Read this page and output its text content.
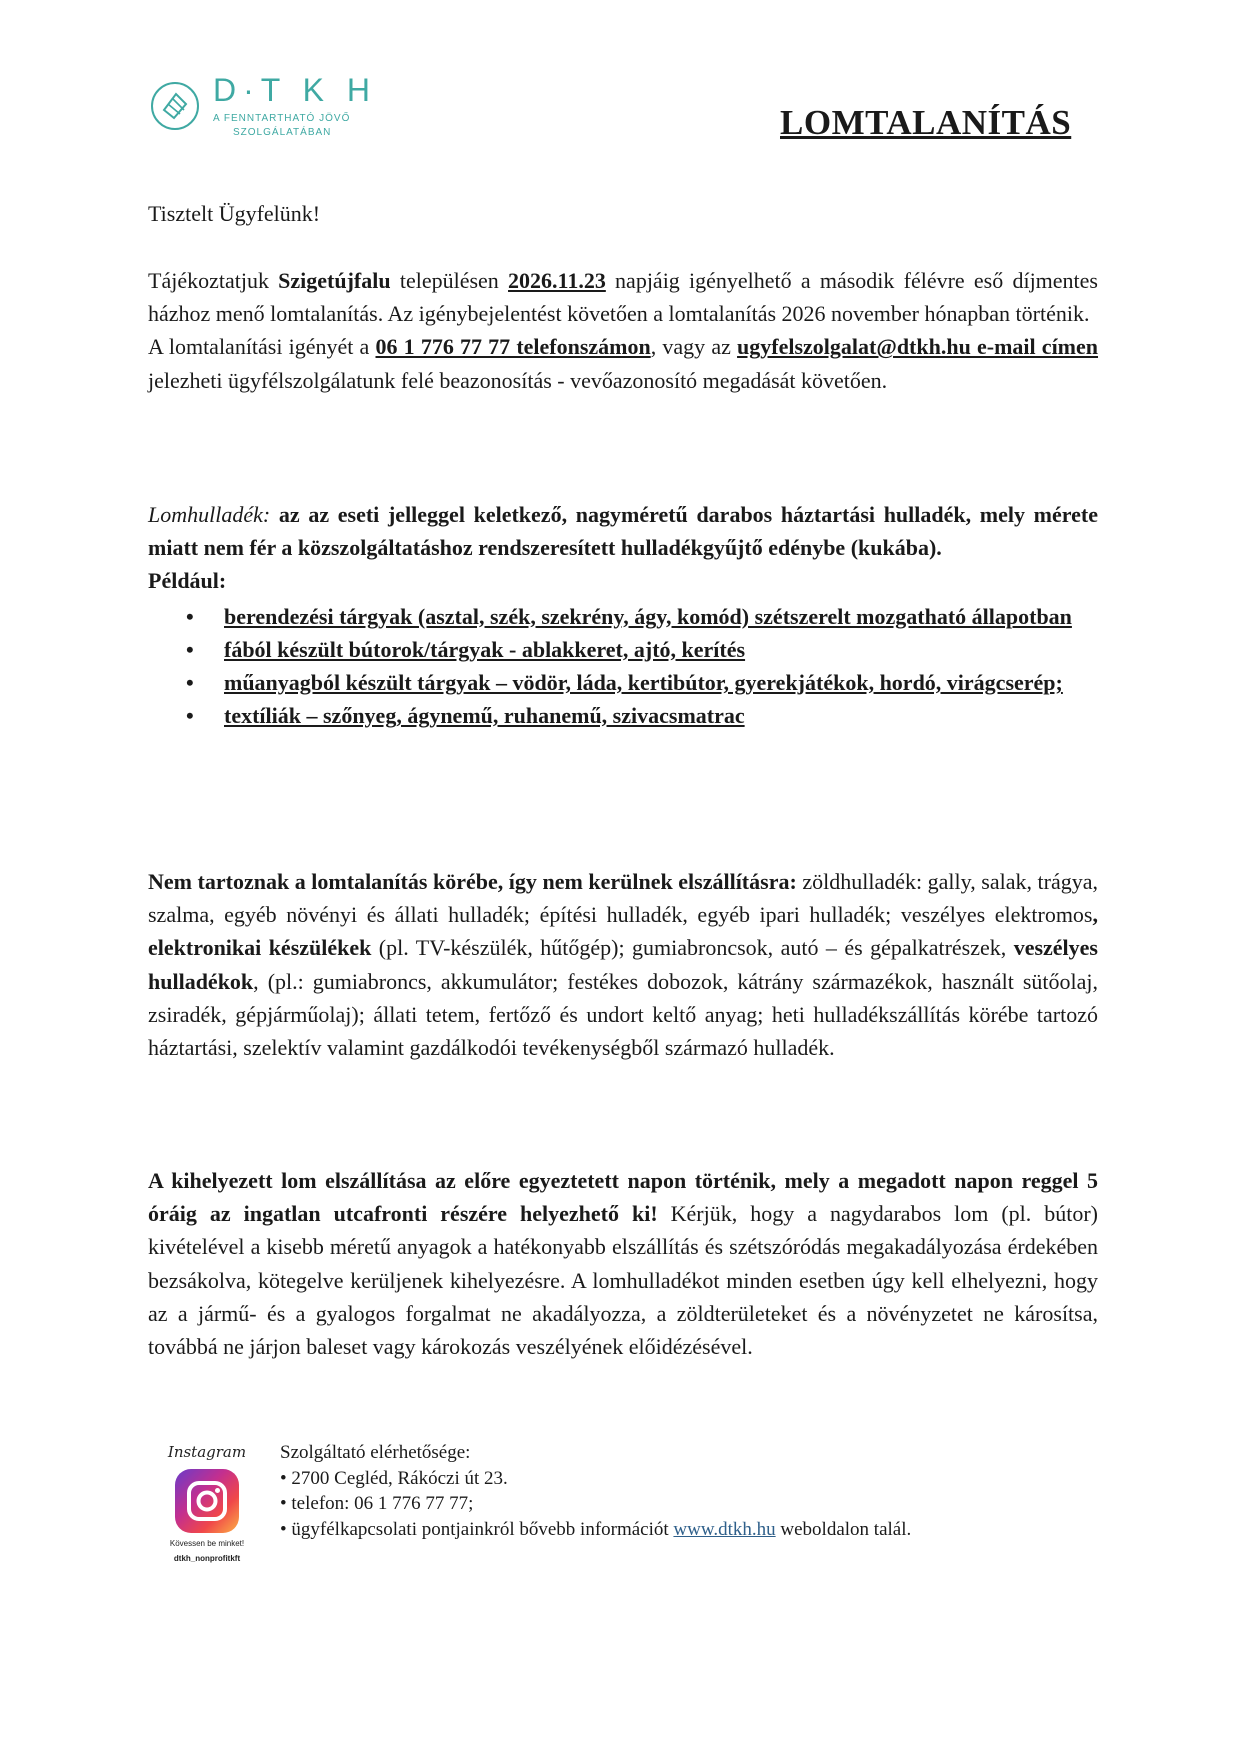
D·T K H
A FENNTARTHATÓ JÖVŐ
SZOLGÁLATÁBAN	LOMTALANÍTÁS
Tisztelt Ügyfelünk!

Tájékoztatjuk Szigetújfalu településen 2026.11.23 napjáig igényelhető a második félévre eső díjmentes házhoz menő lomtalanítás. Az igénybejelentést követően a lomtalanítás 2026 november hónapban történik.

A lomtalanítási igényét a 06 1 776 77 77 telefonszámon, vagy az ugyfelszolgalat@dtkh.hu e-mail címen jelezheti ügyfélszolgálatunk felé beazonosítás - vevőazonosító megadását követően.

Lomhulladék: az az eseti jelleggel keletkező, nagyméretű darabos háztartási hulladék, mely mérete miatt nem fér a közszolgáltatáshoz rendszeresített hulladékgyűjtő edénybe (kukába).

Például:

• berendezési tárgyak (asztal, szék, szekrény, ágy, komód) szétszerelt mozgatható állapotban
• fából készült bútorok/tárgyak - ablakkeret, ajtó, kerítés
• műanyagból készült tárgyak – vödör, láda, kertibútor, gyerekjátékok, hordó, virágcserép;
• textíliák – szőnyeg, ágynemű, ruhanemű, szivacsmatrac
Nem tartoznak a lomtalanítás körébe, így nem kerülnek elszállításra: zöldhulladék: gally, salak, trágya, szalma, egyéb növényi és állati hulladék; építési hulladék, egyéb ipari hulladék; veszélyes elektromos, elektronikai készülékek (pl. TV-készülék, hűtőgép); gumiabroncsok, autó – és gépalkatrészek, veszélyes hulladékok, (pl.: gumiabroncs, akkumulátor; festékes dobozok, kátrány származékok, használt sütőolaj, zsiradék, gépjárműolaj); állati tetem, fertőző és undort keltő anyag; heti hulladékszállítás körébe tartozó háztartási, szelektív valamint gazdálkodói tevékenységből származó hulladék.
A kihelyezett lom elszállítása az előre egyeztetett napon történik, mely a megadott napon reggel 5 óráig az ingatlan utcafronti részére helyezhető ki! Kérjük, hogy a nagydarabos lom (pl. bútor) kivételével a kisebb méretű anyagok a hatékonyabb elszállítás és szétszóródás megakadályozása érdekében bezsákolva, kötegelve kerüljenek kihelyezésre. A lomhulladékot minden esetben úgy kell elhelyezni, hogy az a jármű- és a gyalogos forgalmat ne akadályozza, a zöldterületeket és a növényzetet ne károsítsa, továbbá ne járjon baleset vagy károkozás veszélyének előidézésével.
Instagram
Kövessen be minket!
dtkh_nonprofitkft
Szolgáltató elérhetősége:
• 2700 Cegléd, Rákóczi út 23.
• telefon: 06 1 776 77 77;
• ügyfélkapcsolati pontjainkról bővebb információt www.dtkh.hu weboldalon talál.
